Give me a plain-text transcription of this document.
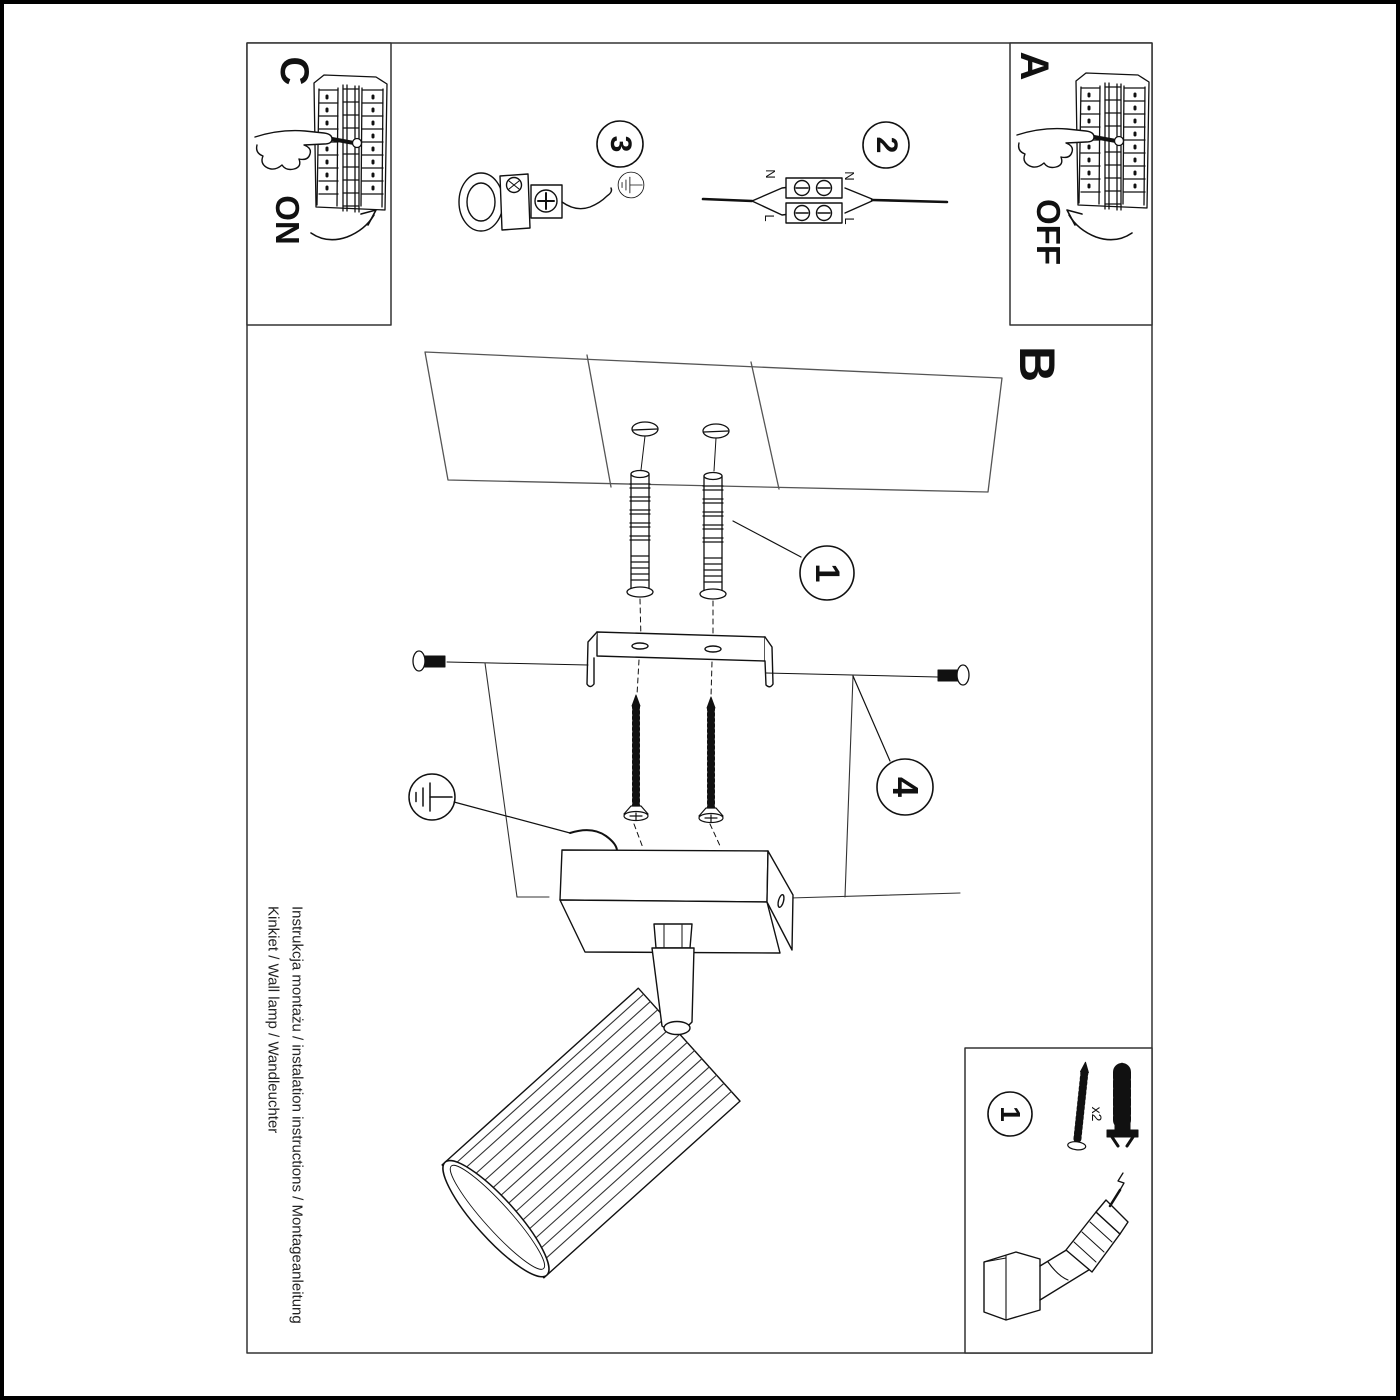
C
ON
A
OFF
B
3	2
1
4
1
N	N
L	L
x2
Instrukcja montażu / instalation instructions / Montageanleitung
Kinkiet / Wall lamp / Wandleuchter
